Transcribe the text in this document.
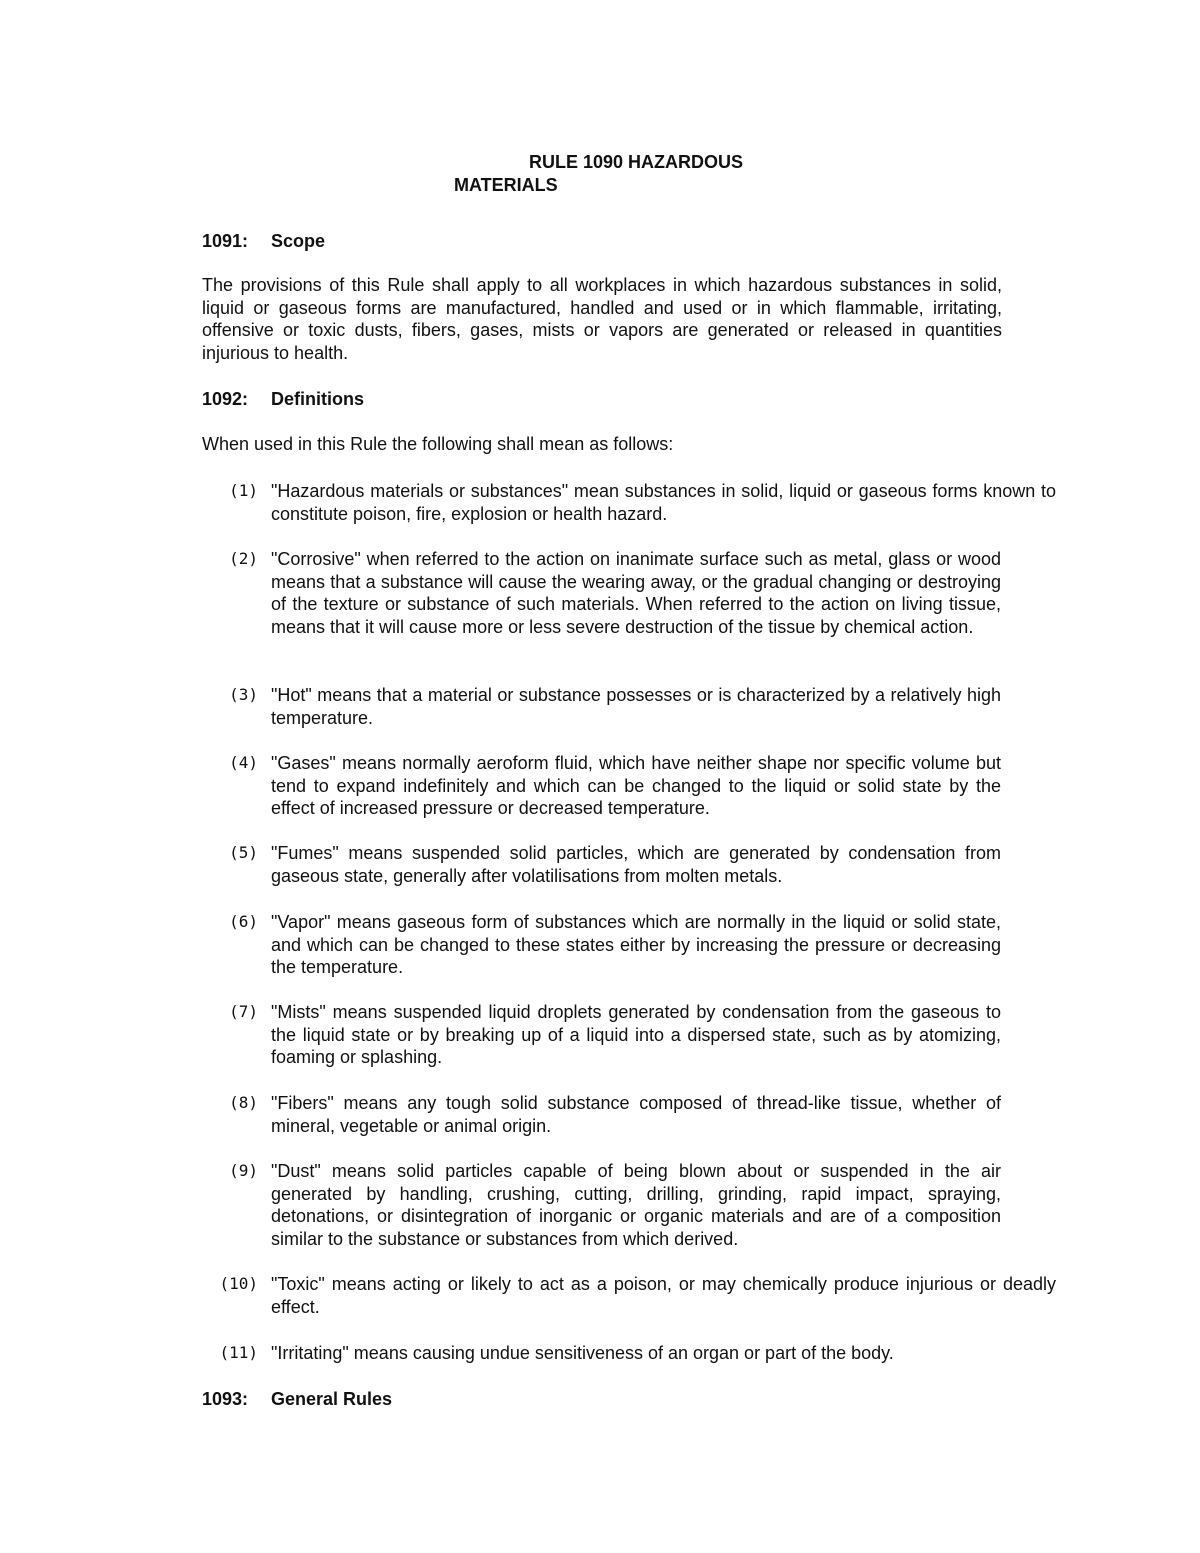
RULE 1090 HAZARDOUS
MATERIALS
1091: Scope
The provisions of this Rule shall apply to all workplaces in which hazardous substances in solid, liquid or gaseous forms are manufactured, handled and used or in which flammable, irritating, offensive or toxic dusts, fibers, gases, mists or vapors are generated or released in quantities injurious to health.
1092: Definitions
When used in this Rule the following shall mean as follows:
(1) "Hazardous materials or substances" mean substances in solid, liquid or gaseous forms known to constitute poison, fire, explosion or health hazard.
(2) "Corrosive" when referred to the action on inanimate surface such as metal, glass or wood means that a substance will cause the wearing away, or the gradual changing or destroying of the texture or substance of such materials. When referred to the action on living tissue, means that it will cause more or less severe destruction of the tissue by chemical action.
(3) "Hot" means that a material or substance possesses or is characterized by a relatively high temperature.
(4) "Gases" means normally aeroform fluid, which have neither shape nor specific volume but tend to expand indefinitely and which can be changed to the liquid or solid state by the effect of increased pressure or decreased temperature.
(5) "Fumes" means suspended solid particles, which are generated by condensation from gaseous state, generally after volatilisations from molten metals.
(6) "Vapor" means gaseous form of substances which are normally in the liquid or solid state, and which can be changed to these states either by increasing the pressure or decreasing the temperature.
(7) "Mists" means suspended liquid droplets generated by condensation from the gaseous to the liquid state or by breaking up of a liquid into a dispersed state, such as by atomizing, foaming or splashing.
(8) "Fibers" means any tough solid substance composed of thread-like tissue, whether of mineral, vegetable or animal origin.
(9) "Dust" means solid particles capable of being blown about or suspended in the air generated by handling, crushing, cutting, drilling, grinding, rapid impact, spraying, detonations, or disintegration of inorganic or organic materials and are of a composition similar to the substance or substances from which derived.
(10) "Toxic" means acting or likely to act as a poison, or may chemically produce injurious or deadly effect.
(11) "Irritating" means causing undue sensitiveness of an organ or part of the body.
1093: General Rules
